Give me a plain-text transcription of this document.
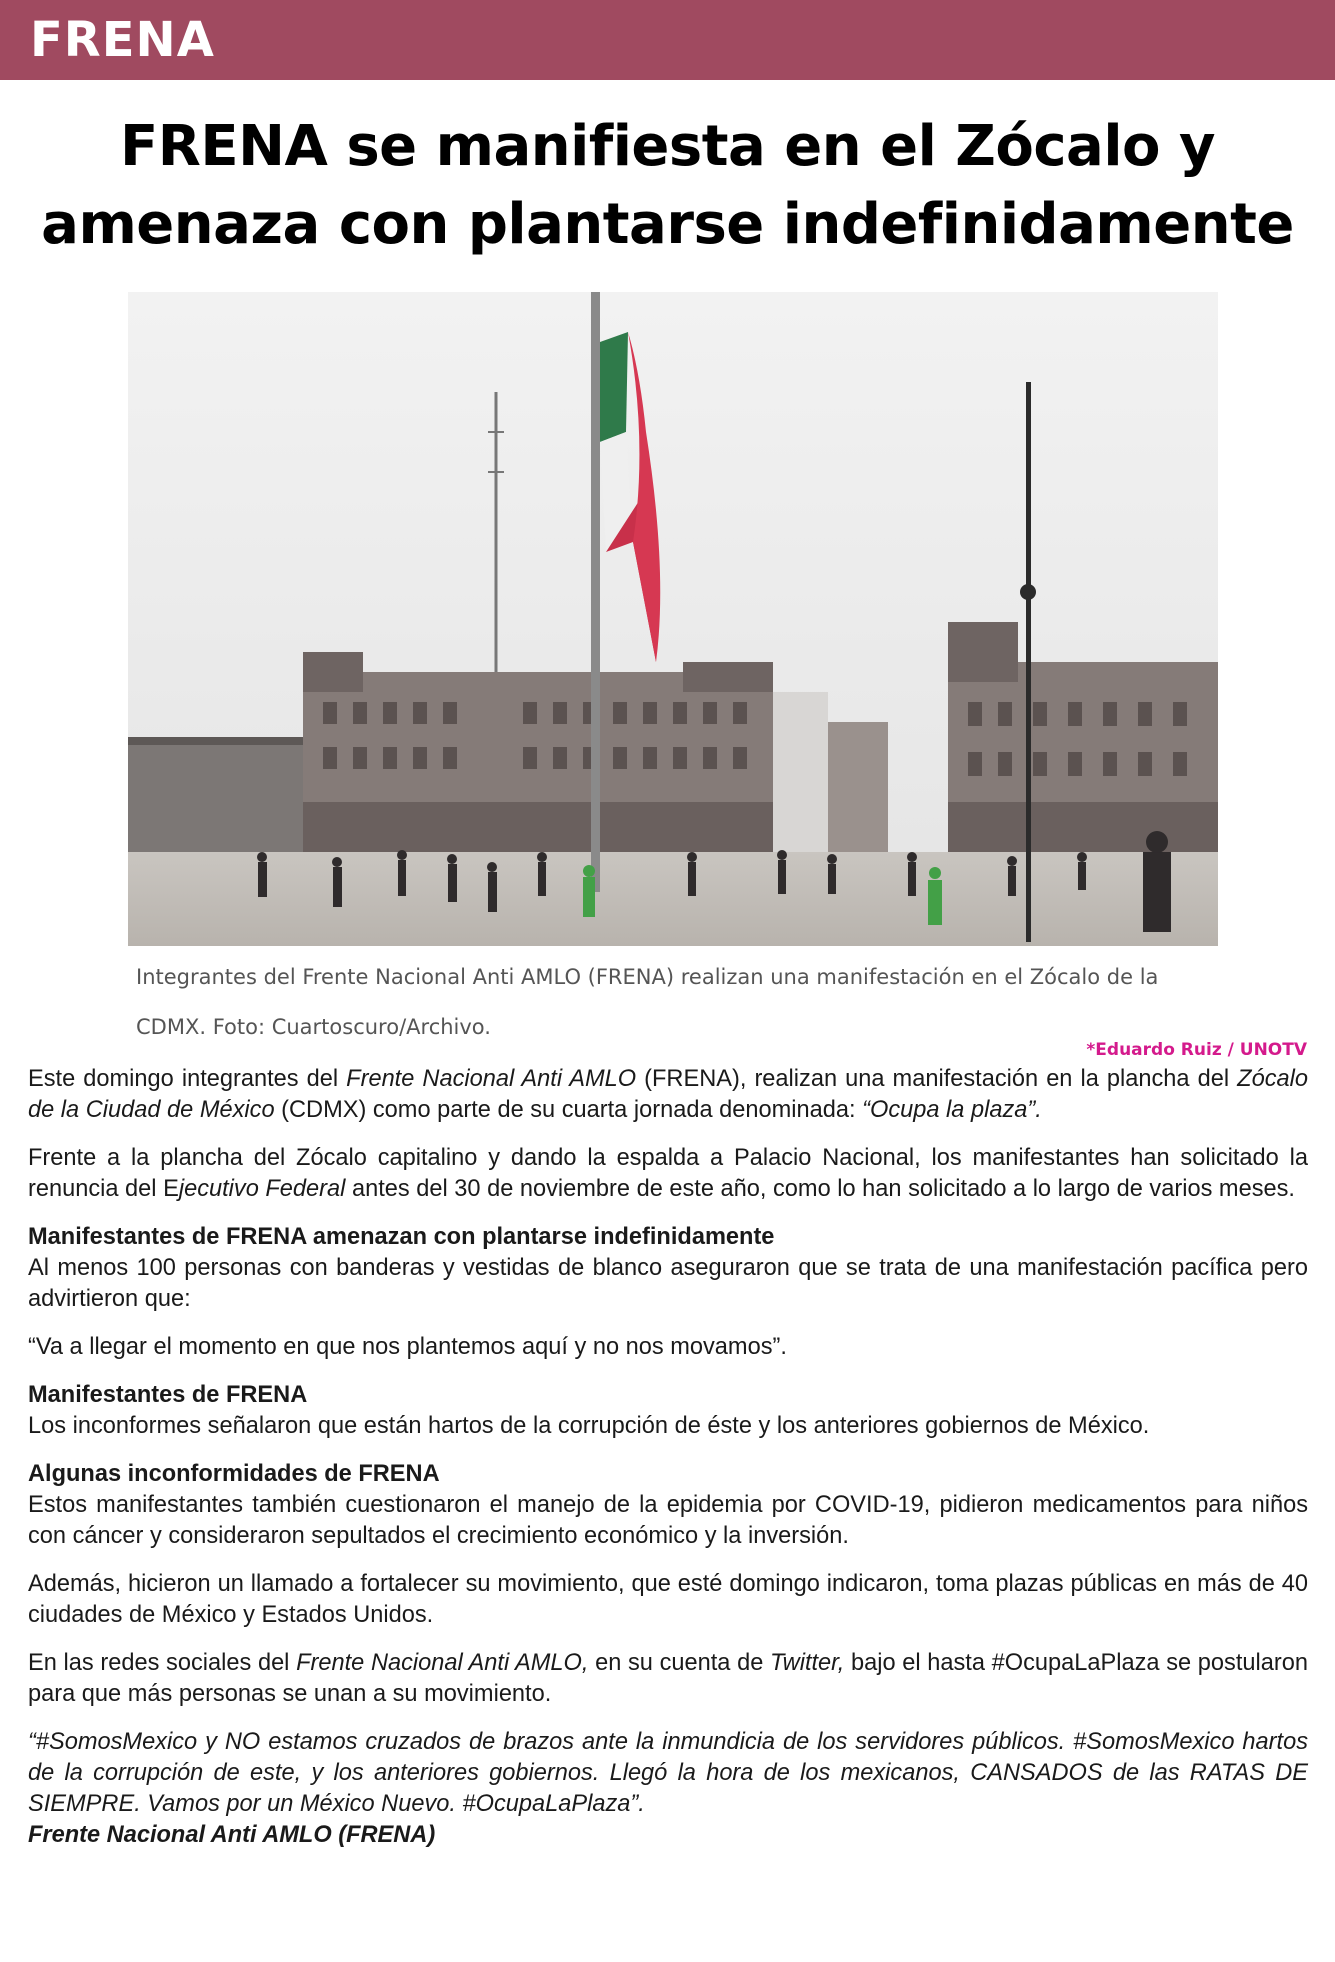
FRENA
FRENA se manifiesta en el Zócalo y
amenaza con plantarse indefinidamente
Integrantes del Frente Nacional Anti AMLO (FRENA) realizan una manifestación en el Zócalo de la CDMX. Foto: Cuartoscuro/Archivo.
*Eduardo Ruiz / UNOTV

Este domingo integrantes del Frente Nacional Anti AMLO (FRENA), realizan una manifestación en la plancha del Zócalo de la Ciudad de México (CDMX) como parte de su cuarta jornada denominada: “Ocupa la plaza”.

Frente a la plancha del Zócalo capitalino y dando la espalda a Palacio Nacional, los manifestantes han solicitado la renuncia del Ejecutivo Federal antes del 30 de noviembre de este año, como lo han solicitado a lo largo de varios meses.

Manifestantes de FRENA amenazan con plantarse indefinidamente
Al menos 100 personas con banderas y vestidas de blanco aseguraron que se trata de una manifestación pacífica pero advirtieron que:

“Va a llegar el momento en que nos plantemos aquí y no nos movamos”.

Manifestantes de FRENA
Los inconformes señalaron que están hartos de la corrupción de éste y los anteriores gobiernos de México.

Algunas inconformidades de FRENA
Estos manifestantes también cuestionaron el manejo de la epidemia por COVID-19, pidieron medicamentos para niños con cáncer y consideraron sepultados el crecimiento económico y la inversión.

Además, hicieron un llamado a fortalecer su movimiento, que esté domingo indicaron, toma plazas públicas en más de 40 ciudades de México y Estados Unidos.

En las redes sociales del Frente Nacional Anti AMLO, en su cuenta de Twitter, bajo el hasta #OcupaLaPlaza se postularon para que más personas se unan a su movimiento.

“#SomosMexico y NO estamos cruzados de brazos ante la inmundicia de los servidores públicos. #SomosMexico hartos de la corrupción de este, y los anteriores gobiernos. Llegó la hora de los mexicanos, CANSADOS de las RATAS DE SIEMPRE. Vamos por un México Nuevo. #OcupaLaPlaza”.
Frente Nacional Anti AMLO (FRENA)
